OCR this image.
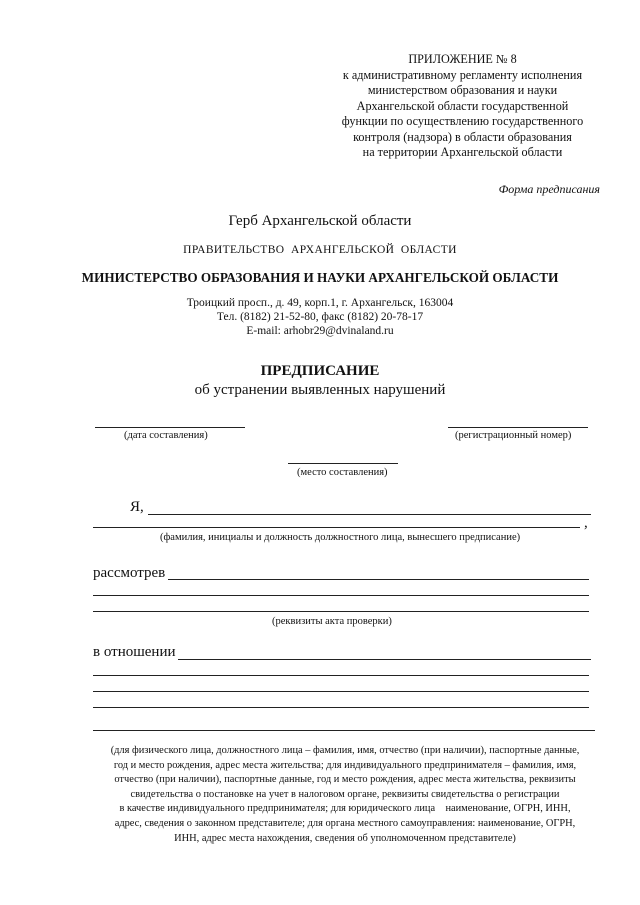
ПРИЛОЖЕНИЕ № 8
к административному регламенту исполнения
министерством образования и науки
Архангельской области государственной
функции по осуществлению государственного
контроля (надзора) в области образования
на территории Архангельской области
Форма предписания
Герб Архангельской области
ПРАВИТЕЛЬСТВО  АРХАНГЕЛЬСКОЙ  ОБЛАСТИ
МИНИСТЕРСТВО ОБРАЗОВАНИЯ И НАУКИ АРХАНГЕЛЬСКОЙ ОБЛАСТИ
Троицкий просп., д. 49, корп.1, г. Архангельск, 163004
Тел. (8182) 21-52-80, факс (8182) 20-78-17
E-mail: arhobr29@dvinaland.ru
ПРЕДПИСАНИЕ
об устранении выявленных нарушений
(дата составления)	(регистрационный номер)
(место составления)
Я,
,
(фамилия, инициалы и должность должностного лица, вынесшего предписание)
рассмотрев
(реквизиты акта проверки)
в отношении
(для физического лица, должностного лица – фамилия, имя, отчество (при наличии), паспортные данные,
год и место рождения, адрес места жительства; для индивидуального предпринимателя – фамилия, имя,
отчество (при наличии), паспортные данные, год и место рождения, адрес места жительства, реквизиты
свидетельства о постановке на учет в налоговом органе, реквизиты свидетельства о регистрации
в качестве индивидуального предпринимателя; для юридического лица    наименование, ОГРН, ИНН,
адрес, сведения о законном представителе; для органа местного самоуправления: наименование, ОГРН,
ИНН, адрес места нахождения, сведения об уполномоченном представителе)
